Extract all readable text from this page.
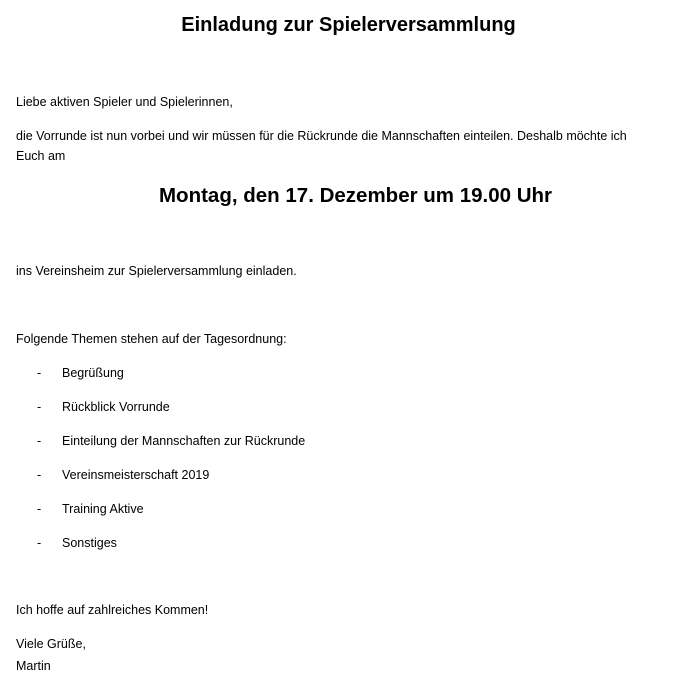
Einladung zur Spielerversammlung

Liebe aktiven Spieler und Spielerinnen,

die Vorrunde ist nun vorbei und wir müssen für die Rückrunde die Mannschaften einteilen. Deshalb möchte ich

Euch am

Montag, den 17. Dezember um 19.00 Uhr

ins Vereinsheim zur Spielerversammlung einladen.

Folgende Themen stehen auf der Tagesordnung:

- Begrüßung
- Rückblick Vorrunde
- Einteilung der Mannschaften zur Rückrunde
- Vereinsmeisterschaft 2019
- Training Aktive
- Sonstiges

Ich hoffe auf zahlreiches Kommen!

Viele Grüße,

Martin
